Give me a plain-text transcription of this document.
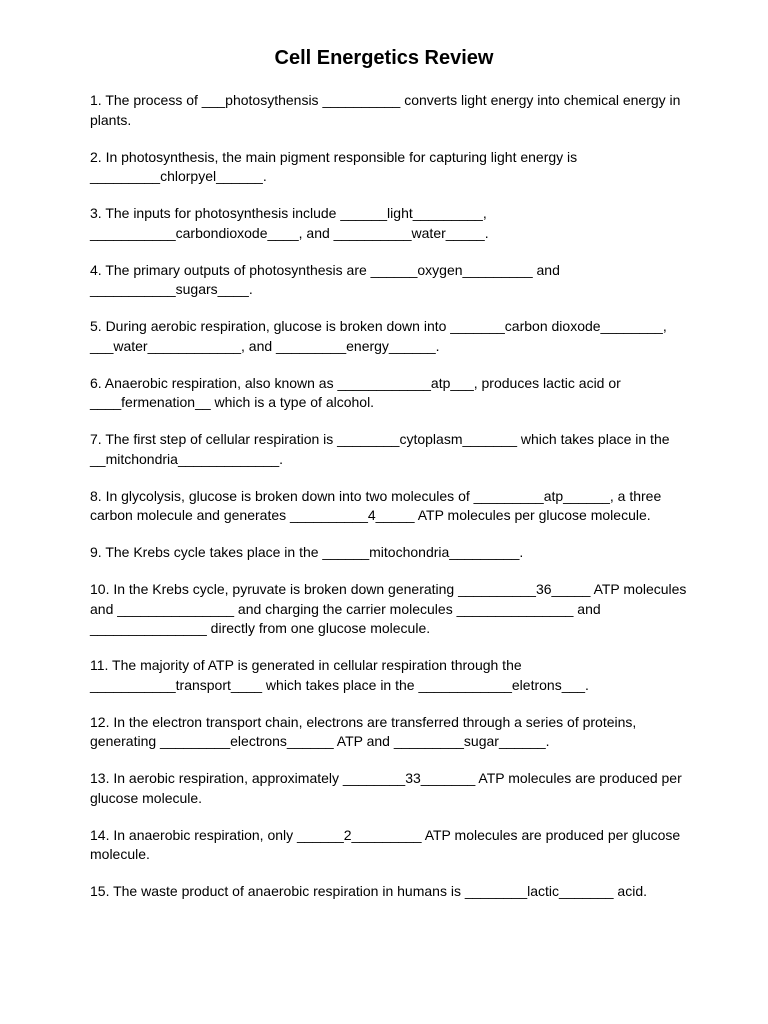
Cell Energetics Review
1. The process of ___photosythensis __________ converts light energy into chemical energy in plants.
2. In photosynthesis, the main pigment responsible for capturing light energy is _________chlorpyel______.
3. The inputs for photosynthesis include ______light_________, ___________carbondioxode____, and __________water_____.
4. The primary outputs of photosynthesis are ______oxygen_________ and ___________sugars____.
5. During aerobic respiration, glucose is broken down into _______carbon dioxode________, ___water____________, and _________energy______.
6. Anaerobic respiration, also known as ____________atp___, produces lactic acid or ____fermenation__ which is a type of alcohol.
7. The first step of cellular respiration is ________cytoplasm_______ which takes place in the __mitchondria_____________.
8. In glycolysis, glucose is broken down into two molecules of _________atp______, a three carbon molecule and generates __________4_____ ATP molecules per glucose molecule.
9. The Krebs cycle takes place in the ______mitochondria_________.
10. In the Krebs cycle, pyruvate is broken down generating __________36_____ ATP molecules and _______________ and charging the carrier molecules _______________ and _______________ directly from one glucose molecule.
11. The majority of ATP is generated in cellular respiration through the ___________transport____ which takes place in the ____________eletrons___.
12. In the electron transport chain, electrons are transferred through a series of proteins, generating _________electrons______ ATP and _________sugar______.
13. In aerobic respiration, approximately ________33_______ ATP molecules are produced per glucose molecule.
14. In anaerobic respiration, only ______2_________ ATP molecules are produced per glucose molecule.
15. The waste product of anaerobic respiration in humans is ________lactic_______ acid.
